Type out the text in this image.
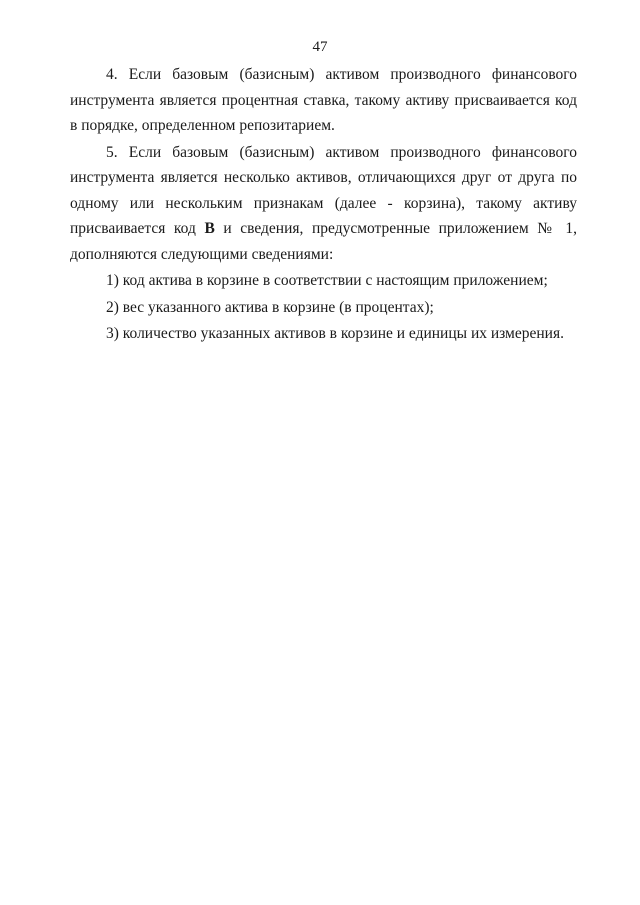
47

4. Если базовым (базисным) активом производного финансового инструмента является процентная ставка, такому активу присваивается код в порядке, определенном репозитарием.

5. Если базовым (базисным) активом производного финансового инструмента является несколько активов, отличающихся друг от друга по одному или нескольким признакам (далее - корзина), такому активу присваивается код B и сведения, предусмотренные приложением № 1, дополняются следующими сведениями:

1) код актива в корзине в соответствии с настоящим приложением;

2) вес указанного актива в корзине (в процентах);

3) количество указанных активов в корзине и единицы их измерения.
